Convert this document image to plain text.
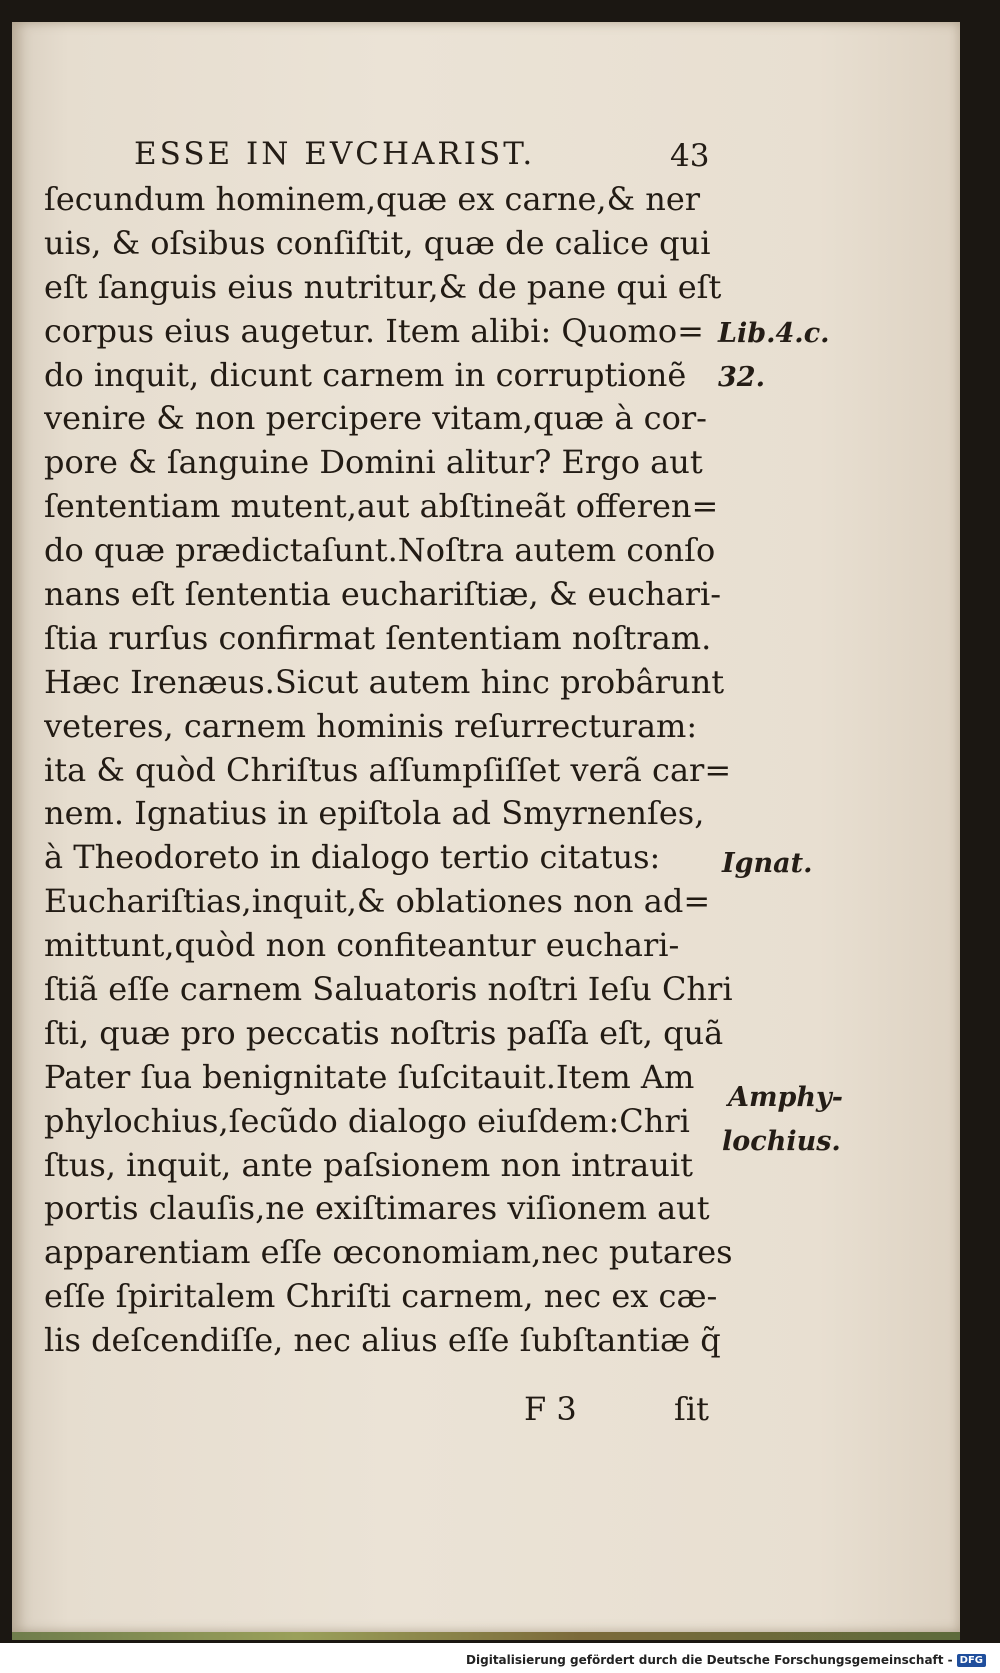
ESSE IN EVCHARIST.	43
ſecundum hominem,quæ ex carne,& ner
uis, & oſsibus conſiſtit, quæ de calice qui
eſt ſanguis eius nutritur,& de pane qui eſt
corpus eius augetur. Item alibi: Quomo=
do inquit, dicunt carnem in corruptionẽ
venire & non percipere vitam,quæ à cor-
pore & ſanguine Domini alitur? Ergo aut
ſententiam mutent,aut abſtineãt offeren=
do quæ prædictaſunt.Noſtra autem conſo
nans eſt ſententia euchariſtiæ, & euchari-
ſtia rurſus confirmat ſententiam noſtram.
Hæc Irenæus.Sicut autem hinc probârunt
veteres, carnem hominis reſurrecturam:
ita & quòd Chriſtus aſſumpſiſſet verã car=
nem. Ignatius in epiſtola ad Smyrnenſes,
à Theodoreto in dialogo tertio citatus:
Euchariſtias,inquit,& oblationes non ad=
mittunt,quòd non confiteantur euchari-
ſtiã eſſe carnem Saluatoris noſtri Ieſu Chri
ſti, quæ pro peccatis noſtris paſſa eſt, quã
Pater ſua benignitate ſuſcitauit.Item Am
phylochius,ſecũdo dialogo eiuſdem:Chri
ſtus, inquit, ante paſsionem non intrauit
portis clauſis,ne exiſtimares viſionem aut
apparentiam eſſe œconomiam,nec putares
eſſe ſpiritalem Chriſti carnem, nec ex cæ-
lis deſcendiſſe, nec alius eſſe ſubſtantiæ q̃
Lib.4.c.
32.
Ignat.
Amphy-
lochius.
F 3	ſit
Digitalisierung gefördert durch die Deutsche Forschungsgemeinschaft - DFG
